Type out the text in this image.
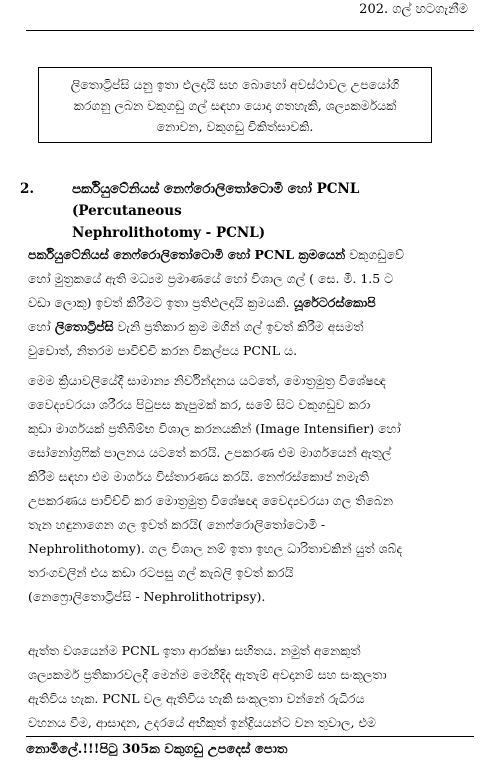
202. ගල් හටගැනීම
ලිතොට්‍රිප්සි යනු ඉතා ඵලදායි සහ බොහෝ අවස්ථාවල උපයෝගි
කරගනු ලබන වකුගඩු ගල් සඳහා යොදා ගතහැකි, ශල්‍යකර්මයක්
නොවන, වකුගඩු චිකිත්සාවකි.
2.	පර්කියුටේනියස් නෙෆ්රොලිතෝටොමි හෝ PCNL (Percutaneous
Nephrolithotomy - PCNL)
පර්කියුටේනියස් නෙෆ්රොලිතෝටොමි හෝ PCNL ක්‍රමයෙන් වකුගඩුවේ
හෝ මුත්‍රකයේ ඇති මධ්‍යම ප්‍රමාණයේ හෝ විශාල ගල් ( සෙ. මී. 1.5 ට
වඩා ලොකු) ඉවත් කිරීමට ඉතා ප්‍රතිඵලදායි ක්‍රමයකි. යූරේටරස්කොපි
හෝ ලිතොට්‍රිප්සි වැනි ප්‍රතිකාර ක්‍රම මගින් ගල් ඉවත් කිරීම අසමත්
වුවොත්, නිතරම පාවිච්චි කරන විකල්පය PCNL ය.
මෙම ක්‍රියාවලියේදී සාමාන්‍ය නිර්වින්දනය යටතේ, මොත්‍රමුත්‍ර විශේෂඥ
වෛද්‍යවරයා ශරීරය පිටුපස කැපුමක් කර, සමේ සිට වකුගඩුව කරා
කුඩා මාර්ගයක් ප්‍රතිබිම්භ විශාල කරනයකින් (Image Intensifier) හෝ
සෝනෝග්‍රෆික් පාලනය යටතේ කරයි. උපකරණ එම මාර්ගයෙන් ඇතුල්
කිරීම සඳහා එම මාර්ගය විස්තාරණය කරයි. නෙෆ්රස්කොප් නමැති
උපකරණය පාවිච්චි කර මොත්‍රමුත්‍ර විශේෂඥ වෛද්‍යවරයා ගල තිබෙන
තැන හඳුනාගෙන ගල ඉවත් කරයි( නෙෆ්රොලිතෝටොමි -
Nephrolithotomy). ගල විශාල නම් ඉතා ඉහල ධාරිතාවකින් යුත් ශබ්ද
තරංගවලින් එය කඩා රටපසු ගල් කැබලි ඉවත් කරයි
(නෙෆ්‍රොලිතොට්‍රිප්සි - Nephrolithotripsy).
ඇත්ත වශයෙන්ම PCNL ඉතා ආරක්ෂා සහිතය. නමුත් අනෙකුත්
ශල්‍යකර්ම ප්‍රතිකාරවලදී මෙන්ම මෙහිදිද ඇතැම් අවදානම් සහ සංකූලතා
ඇතිවිය හැක. PCNL වල ඇතිවිය හැකි සංකූලතා වන්නේ රුධිරය
වහනය වීම, ආසාදන, උදරයේ අභිකුත් ඉන්ද්‍රියයන්ට වන තුවාල, එම
නොමිලේ.!!!පිටු 305ක වකුගඩු උපදෙස් පොත
